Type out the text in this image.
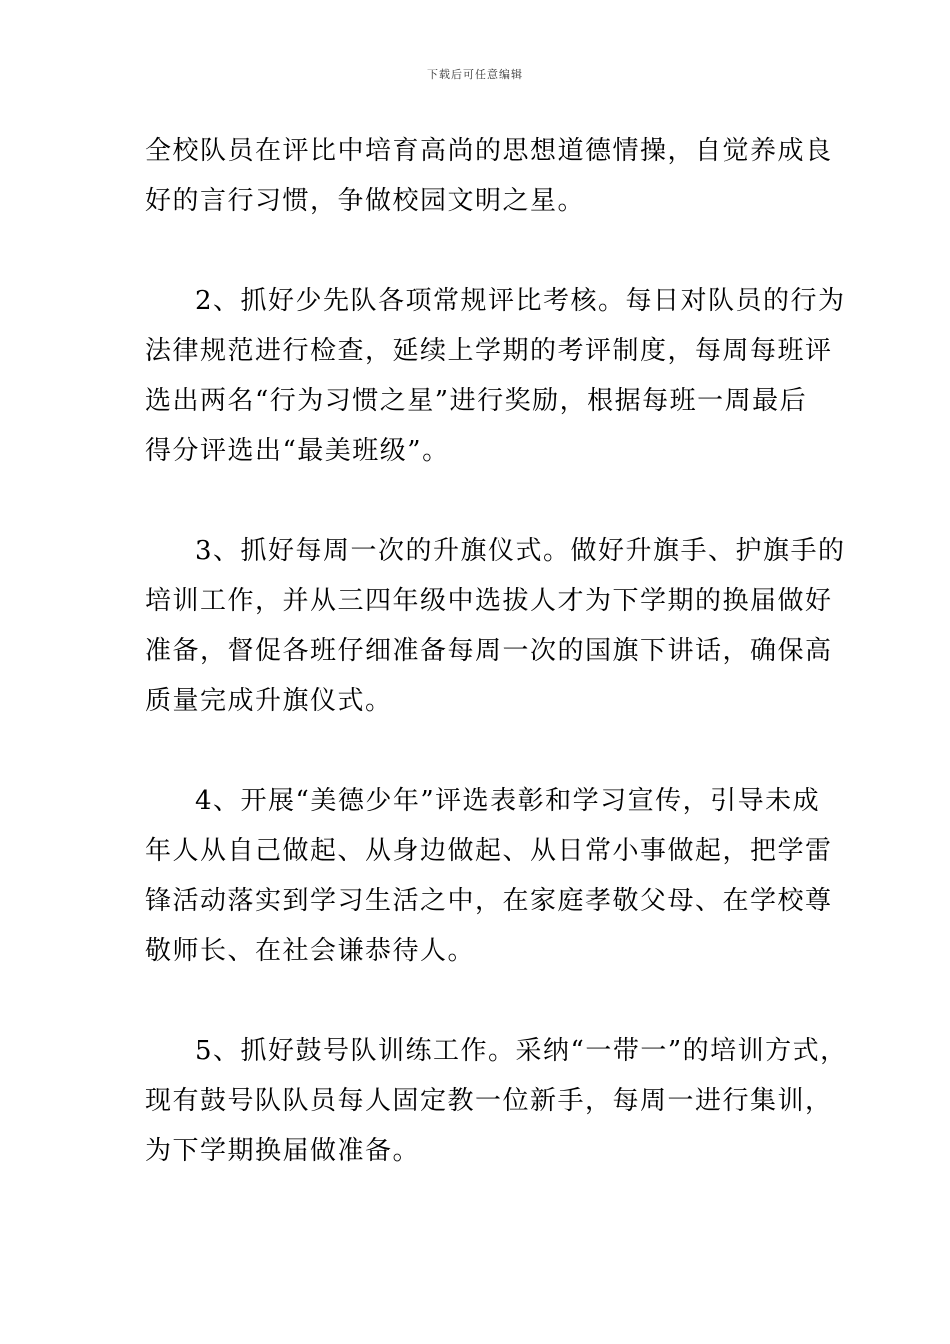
下载后可任意编辑
全校队员在评比中培育高尚的思想道德情操，自觉养成良
好的言行习惯，争做校园文明之星。
2、抓好少先队各项常规评比考核。每日对队员的行为
法律规范进行检查，延续上学期的考评制度，每周每班评
选出两名“行为习惯之星”进行奖励，根据每班一周最后
得分评选出“最美班级”。
3、抓好每周一次的升旗仪式。做好升旗手、护旗手的
培训工作，并从三四年级中选拔人才为下学期的换届做好
准备，督促各班仔细准备每周一次的国旗下讲话，确保高
质量完成升旗仪式。
4、开展“美德少年”评选表彰和学习宣传，引导未成
年人从自己做起、从身边做起、从日常小事做起，把学雷
锋活动落实到学习生活之中，在家庭孝敬父母、在学校尊
敬师长、在社会谦恭待人。
5、抓好鼓号队训练工作。采纳“一带一”的培训方式，
现有鼓号队队员每人固定教一位新手，每周一进行集训，
为下学期换届做准备。
